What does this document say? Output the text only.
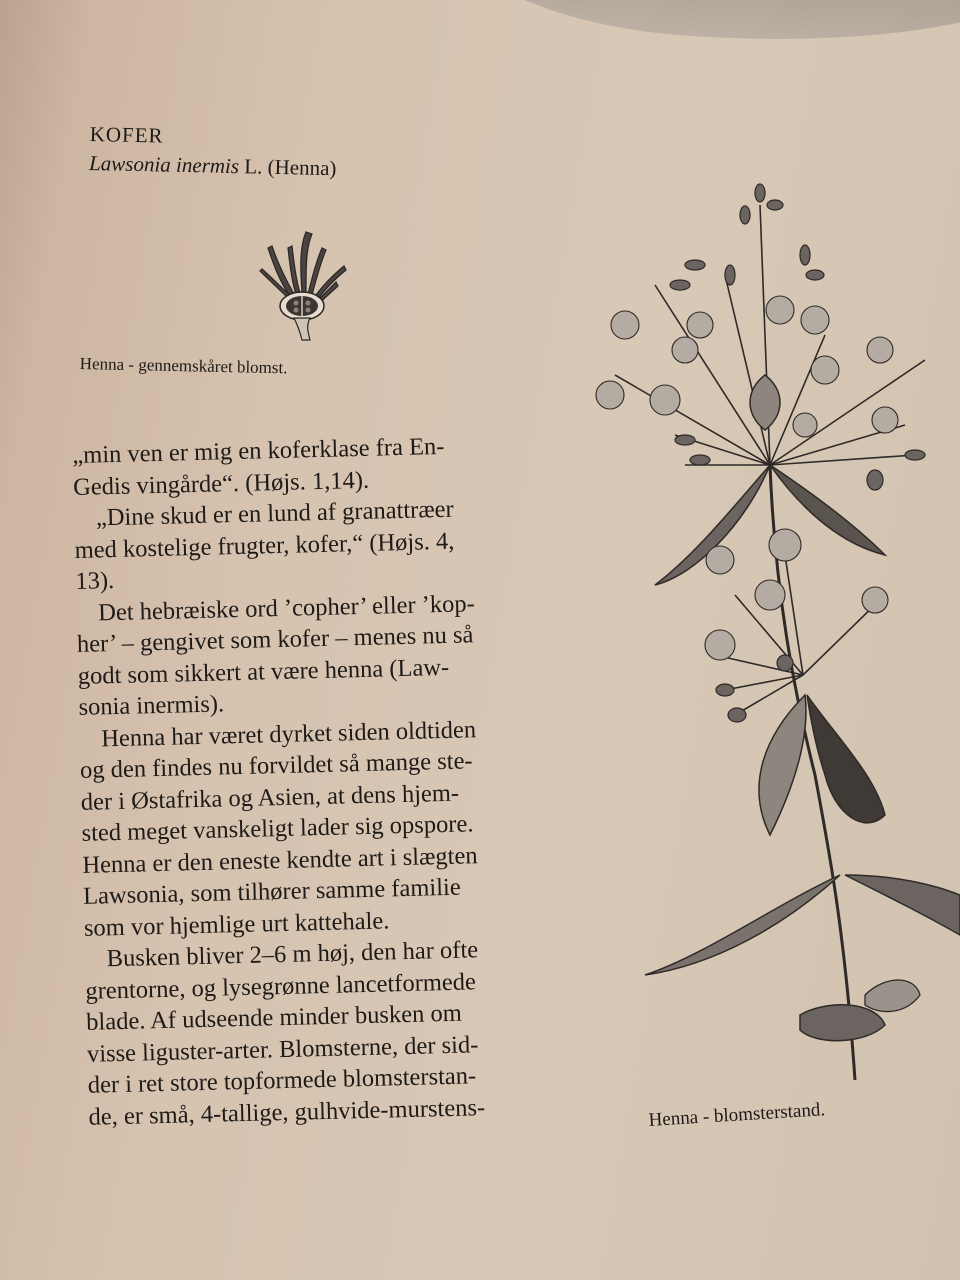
KOFER
Lawsonia inermis L. (Henna)
Henna - gennemskåret blomst.

„min ven er mig en koferklase fra En-
Gedis vingårde“. (Højs. 1,14).

„Dine skud er en lund af granattræer
med kostelige frugter, kofer,“ (Højs. 4,
13).

Det hebræiske ord ’copher’ eller ’kop-
her’ – gengivet som kofer – menes nu så
godt som sikkert at være henna (Law-
sonia inermis).

Henna har været dyrket siden oldtiden
og den findes nu forvildet så mange ste-
der i Østafrika og Asien, at dens hjem-
sted meget vanskeligt lader sig opspore.
Henna er den eneste kendte art i slægten
Lawsonia, som tilhører samme familie
som vor hjemlige urt kattehale.

Busken bliver 2–6 m høj, den har ofte
grentorne, og lysegrønne lancetformede
blade. Af udseende minder busken om
visse liguster-arter. Blomsterne, der sid-
der i ret store topformede blomsterstan-
de, er små, 4-tallige, gulhvide-murstens-	Henna - blomsterstand.
